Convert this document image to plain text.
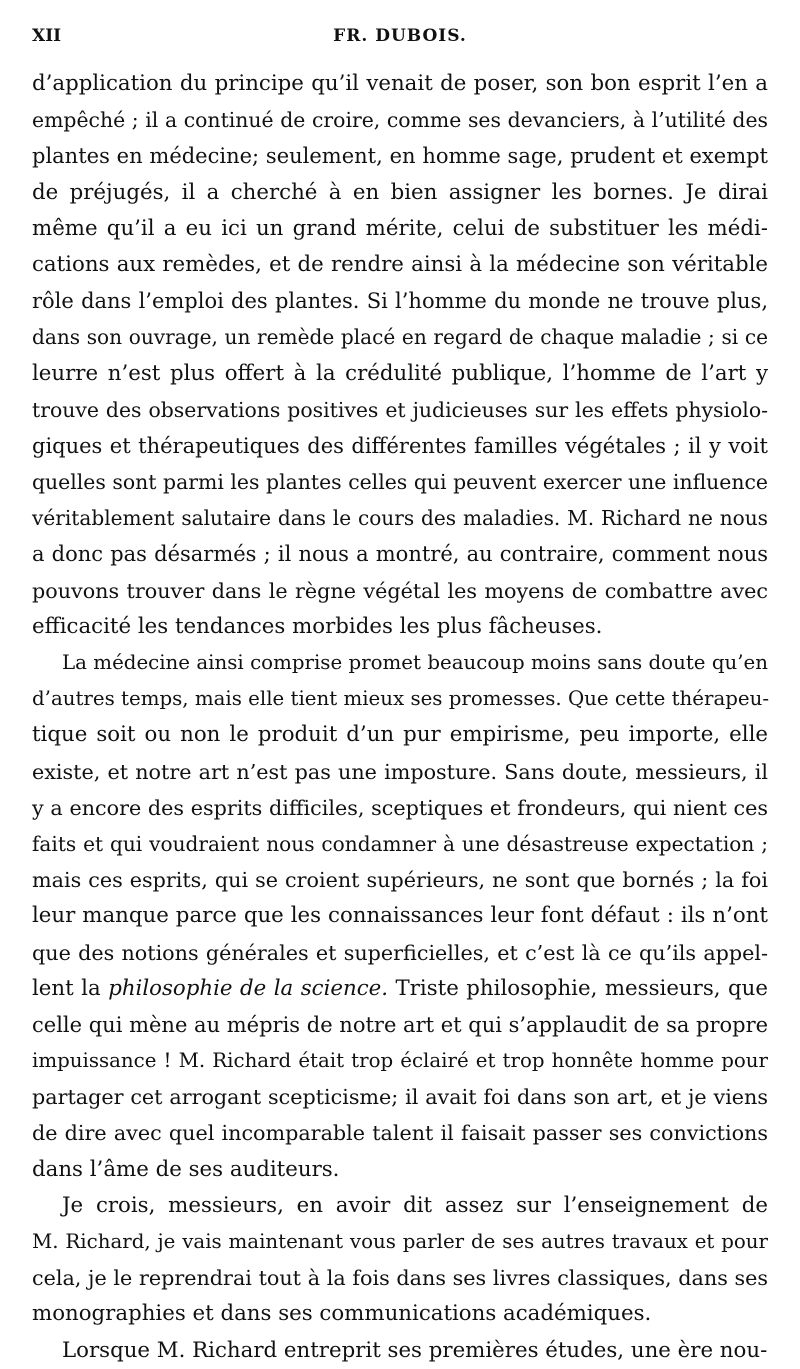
XII	FR. DUBOIS.
d’application du principe qu’il venait de poser, son bon esprit l’en a
empêché ; il a continué de croire, comme ses devanciers, à l’utilité des
plantes en médecine; seulement, en homme sage, prudent et exempt
de préjugés, il a cherché à en bien assigner les bornes. Je dirai
même qu’il a eu ici un grand mérite, celui de substituer les médi-
cations aux remèdes, et de rendre ainsi à la médecine son véritable
rôle dans l’emploi des plantes. Si l’homme du monde ne trouve plus,
dans son ouvrage, un remède placé en regard de chaque maladie ; si ce
leurre n’est plus offert à la crédulité publique, l’homme de l’art y
trouve des observations positives et judicieuses sur les effets physiolo-
giques et thérapeutiques des différentes familles végétales ; il y voit
quelles sont parmi les plantes celles qui peuvent exercer une influence
véritablement salutaire dans le cours des maladies. M. Richard ne nous
a donc pas désarmés ; il nous a montré, au contraire, comment nous
pouvons trouver dans le règne végétal les moyens de combattre avec
efficacité les tendances morbides les plus fâcheuses.
La médecine ainsi comprise promet beaucoup moins sans doute qu’en
d’autres temps, mais elle tient mieux ses promesses. Que cette thérapeu-
tique soit ou non le produit d’un pur empirisme, peu importe, elle
existe, et notre art n’est pas une imposture. Sans doute, messieurs, il
y a encore des esprits difficiles, sceptiques et frondeurs, qui nient ces
faits et qui voudraient nous condamner à une désastreuse expectation ;
mais ces esprits, qui se croient supérieurs, ne sont que bornés ; la foi
leur manque parce que les connaissances leur font défaut : ils n’ont
que des notions générales et superficielles, et c’est là ce qu’ils appel-
lent la philosophie de la science. Triste philosophie, messieurs, que
celle qui mène au mépris de notre art et qui s’applaudit de sa propre
impuissance ! M. Richard était trop éclairé et trop honnête homme pour
partager cet arrogant scepticisme; il avait foi dans son art, et je viens
de dire avec quel incomparable talent il faisait passer ses convictions
dans l’âme de ses auditeurs.
Je crois, messieurs, en avoir dit assez sur l’enseignement de
M. Richard, je vais maintenant vous parler de ses autres travaux et pour
cela, je le reprendrai tout à la fois dans ses livres classiques, dans ses
monographies et dans ses communications académiques.
Lorsque M. Richard entreprit ses premières études, une ère nou-
